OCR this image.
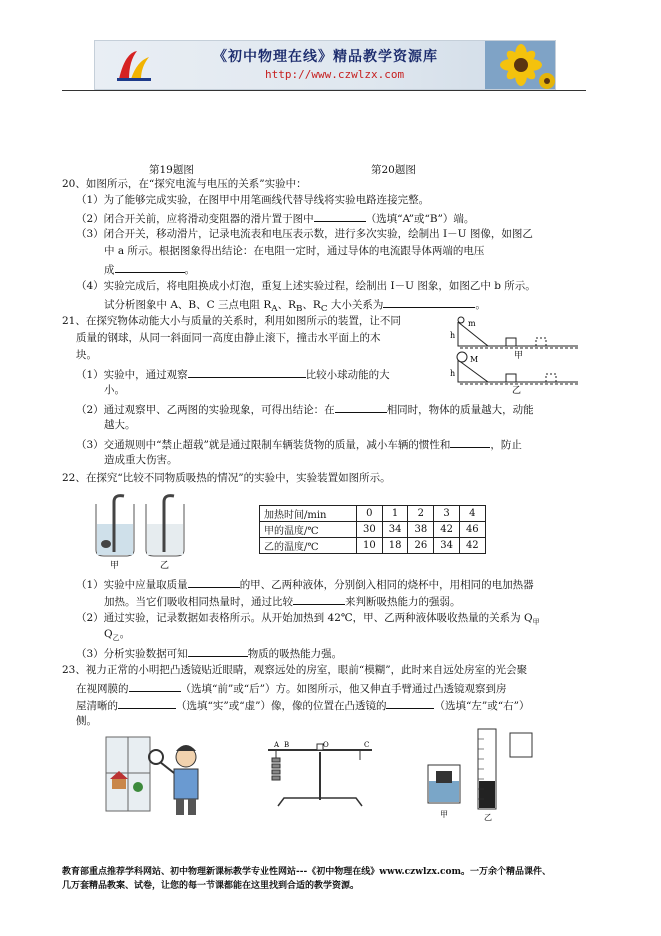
《初中物理在线》精品教学资源库
http://www.czwlzx.com
第19题图	第20题图
20、如图所示，在“探究电流与电压的关系”实验中：
（1）为了能够完成实验，在图甲中用笔画线代替导线将实验电路连接完整。
（2）闭合开关前，应将滑动变阻器的滑片置于图中	（选填“A”或“B”）端。
（3）闭合开关，移动滑片，记录电流表和电压表示数，进行多次实验，绘制出 I－U 图像，如图乙
中 a 所示。根据图象得出结论：在电阻一定时，通过导体的电流跟导体两端的电压
成	。
（4）实验完成后，将电阻换成小灯泡，重复上述实验过程，绘制出 I－U 图象，如图乙中 b 所示。
试分析图象中 A、B、C 三点电阻 $R_A$、$R_B$、$R_C$ 大小关系为	。
21、在探究物体动能大小与质量的关系时，利用如图所示的装置，让不同
质量的钢球，从同一斜面同一高度由静止滚下，撞击水平面上的木
块。
（1）实验中，通过观察	比较小球动能的大
小。
（2）通过观察甲、乙两图的实验现象，可得出结论：在	相同时，物体的质量越大，动能
越大。
（3）交通规则中“禁止超载”就是通过限制车辆装货物的质量，减小车辆的惯性和	，防止
造成重大伤害。
h
h
m
M	甲
乙
22、在探究“比较不同物质吸热的情况”的实验中，实验装置如图所示。
甲	乙
加热时间/min	0	1	2	3	4
甲的温度/℃	30	34	38	42	46
乙的温度/℃	10	18	26	34	42
（1）实验中应量取质量	的甲、乙两种液体，分别倒入相同的烧杯中，用相同的电加热器
加热。当它们吸收相同热量时，通过比较	来判断吸热能力的强弱。
（2）通过实验，记录数据如表格所示。从开始加热到 42℃，甲、乙两种液体吸收热量的关系为 $Q_甲$
$Q_乙$。
（3）分析实验数据可知	物质的吸热能力强。
23、视力正常的小明把凸透镜贴近眼睛，观察远处的房室，眼前“模糊”，此时来自远处房室的光会聚
在视网膜的	（选填“前”或“后”）方。如图所示，他又伸直手臂通过凸透镜观察到房
屋清晰的	（选填“实”或“虚”）像，像的位置在凸透镜的	（选填“左”或“右”）
侧。
A B	O	C
甲	乙
教育部重点推荐学科网站、初中物理新课标教学专业性网站---《初中物理在线》www.czwlzx.com。一万余个精品课件、
几万套精品教案、试卷，让您的每一节课都能在这里找到合适的教学资源。
